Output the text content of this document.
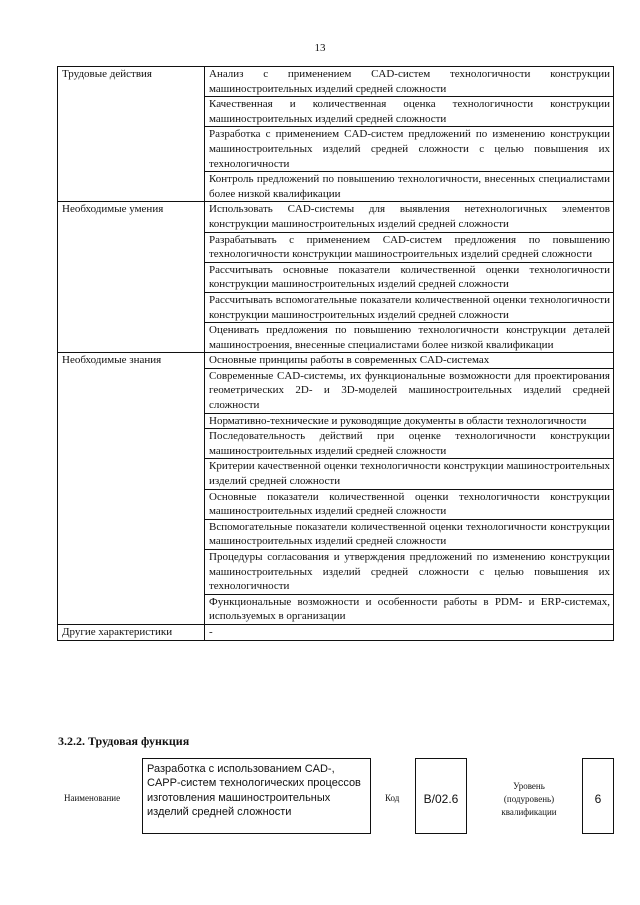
13
Трудовые действия	Анализ с применением CAD-систем технологичности конструкции машиностроительных изделий средней сложности
	Качественная и количественная оценка технологичности конструкции машиностроительных изделий средней сложности
	Разработка с применением CAD-систем предложений по изменению конструкции машиностроительных изделий средней сложности с целью повышения их технологичности
	Контроль предложений по повышению технологичности, внесенных специалистами более низкой квалификации
Необходимые умения	Использовать CAD-системы для выявления нетехнологичных элементов конструкции машиностроительных изделий средней сложности
	Разрабатывать с применением CAD-систем предложения по повышению технологичности конструкции машиностроительных изделий средней сложности
	Рассчитывать основные показатели количественной оценки технологичности конструкции машиностроительных изделий средней сложности
	Рассчитывать вспомогательные показатели количественной оценки технологичности конструкции машиностроительных изделий средней сложности
	Оценивать предложения по повышению технологичности конструкции деталей машиностроения, внесенные специалистами более низкой квалификации
Необходимые знания	Основные принципы работы в современных CAD-системах
	Современные CAD-системы, их функциональные возможности для проектирования геометрических 2D- и 3D-моделей машиностроительных изделий средней сложности
	Нормативно-технические и руководящие документы в области технологичности
	Последовательность действий при оценке технологичности конструкции машиностроительных изделий средней сложности
	Критерии качественной оценки технологичности конструкции машиностроительных изделий средней сложности
	Основные показатели количественной оценки технологичности конструкции машиностроительных изделий средней сложности
	Вспомогательные показатели количественной оценки технологичности конструкции машиностроительных изделий средней сложности
	Процедуры согласования и утверждения предложений по изменению конструкции машиностроительных изделий средней сложности с целью повышения их технологичности
	Функциональные возможности и особенности работы в PDM- и ERP-системах, используемых в организации
Другие характеристики	-
3.2.2. Трудовая функция
Наименование
Разработка с использованием CAD-, CAPP-систем технологических процессов изготовления машиностроительных изделий средней сложности
Код	B/02.6
Уровень (подуровень) квалификации
6
